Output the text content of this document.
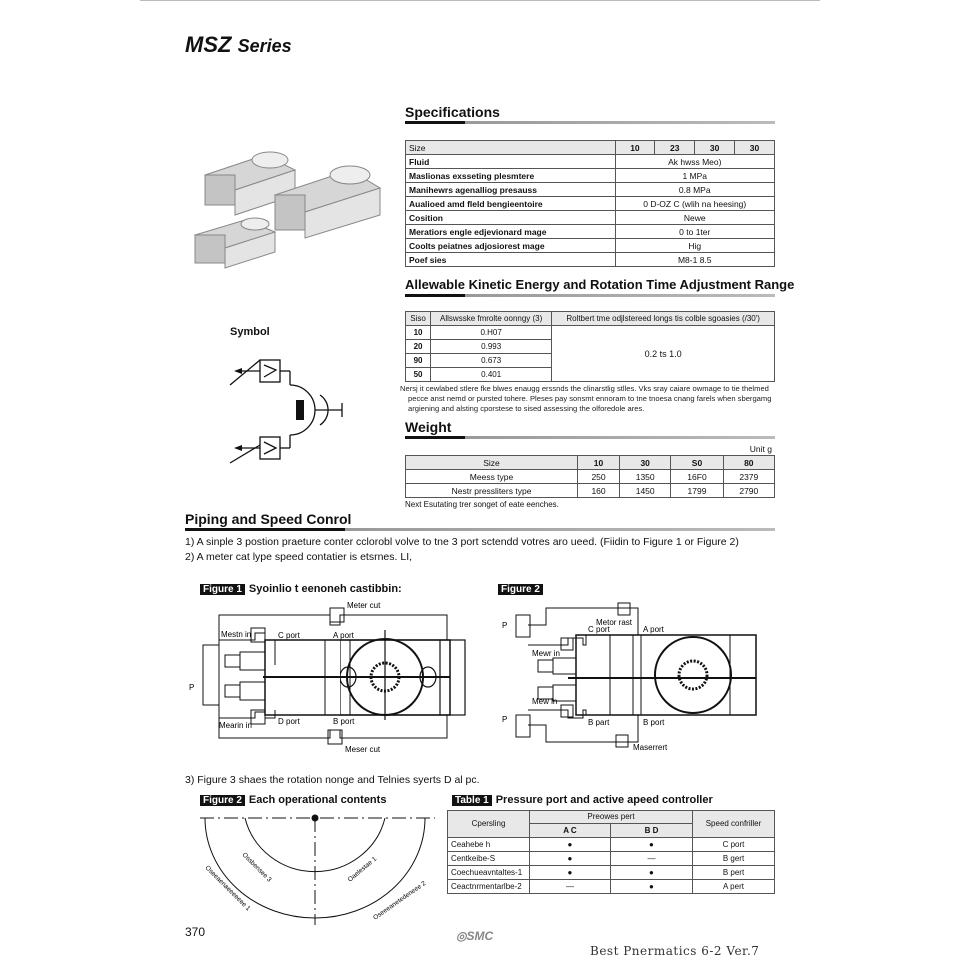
MSZ Series
Specifications
Size	10	23	30	30
Fluid	Ak hwss Meo)			
Maslionas exsseting plesmtere	1 MPa			
Manihewrs agenalliog presauss	0.8 MPa			
Aualioed amd fleld bengieentoire	0 D-OZ C (wlih na heesing)			
Cosition	Newe			
Meratiors engle edjevionard mage	0 to 1ter			
Coolts peiatnes adjosiorest mage	Hig			
Poef sies	M8-1 8.5			
Allewable Kinetic Energy and Rotation Time Adjustment Range
Siso	Allswsske fmrolte oonngy (3)	Roltbert tme odjlstereed longs tis colble sgoasies (/30')
10	0.H07	0.2 ts 1.0
20	0.993	
90	0.673	
50	0.401	
Nersj it cewlabed stlere fke blwes enaugg erssnds the clinarstlig stlles. Vks sray caiare owmage to tie thelmed pecce anst nemd or pursted tohere. Pleses pay sonsmt ennoram to tne tnoesa cnang farels when sbergamg argiening and alsting cporstese to sised assessing the olforedole ares.
Weight
Unit g
Size	10	30	S0	80
Meess type	250	1350	16F0	2379
Nestr pressliters type	160	1450	1799	2790
Next Esutating trer songet of eate eenches.
Symbol
Piping and Speed Conrol
1) A sinple 3 postion praeture conter cclorobl volve to tne 3 port sctendd votres aro ueed. (Fiidin to Figure 1 or Figure 2)
2) A meter cat lype speed contatier is etsrnes. LI,
Figure 1 Syoinlio t eenoneh castibbin:
Meter cut
Mestn in	C port	A port
D port	B port
Mearin in
Meser cut
P
Figure 2
Metor rast
Mewr in
C port	A port
B part	B port
Mew in
Maserrert
P
P
3) Figure 3 shaes the rotation nonge and Telnies syerts D al pc.
Figure 2 Each operational contents
Ossbensee 3	Oaelestae 1
Oseeaenaeeeeeee 1	Oseeeanetedeneee 2
Table 1 Pressure port and active apeed controller
Cpersling	Preowes pert		Speed confriller
	A C	B D	
Ceahebe h	●	●	C port
Centkeibe-S	●	—	B gert
Coechueavntaltes-1	●	●	B pert
Ceactnrmentarlbe-2	—	●	A pert
370	◎SMC
Best Pnermatics 6-2 Ver.7
